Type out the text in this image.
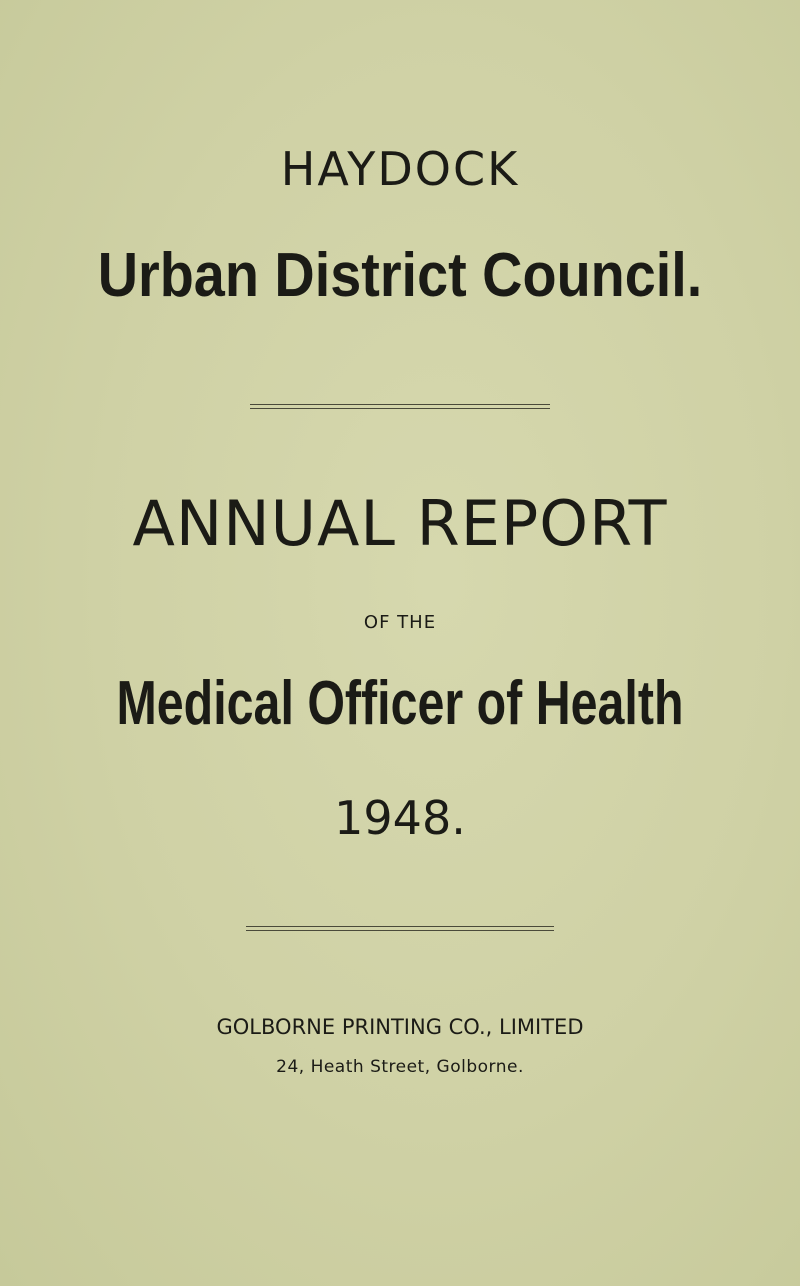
HAYDOCK
Urban District Council.
ANNUAL REPORT
OF THE
Medical Officer of Health
1948.
GOLBORNE PRINTING CO., LIMITED
24, Heath Street, Golborne.
